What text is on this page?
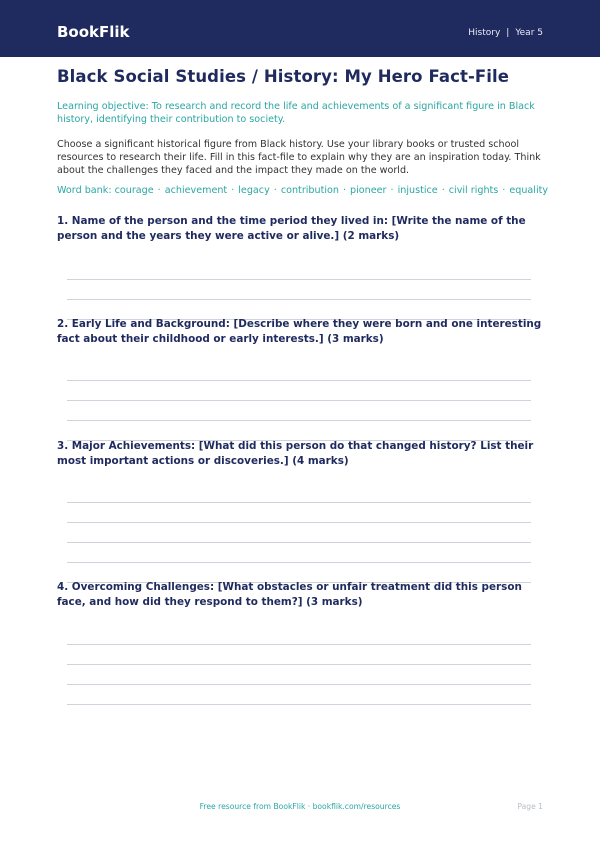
BookFlik	History | Year 5
Black Social Studies / History: My Hero Fact-File

Learning objective: To research and record the life and achievements of a significant figure in Black history, identifying their contribution to society.

Choose a significant historical figure from Black history. Use your library books or trusted school resources to research their life. Fill in this fact-file to explain why they are an inspiration today. Think about the challenges they faced and the impact they made on the world.

Word bank: courage · achievement · legacy · contribution · pioneer · injustice · civil rights · equality

1. Name of the person and the time period they lived in: [Write the name of the person and the years they were active or alive.] (2 marks)

2. Early Life and Background: [Describe where they were born and one interesting fact about their childhood or early interests.] (3 marks)

3. Major Achievements: [What did this person do that changed history? List their most important actions or discoveries.] (4 marks)

4. Overcoming Challenges: [What obstacles or unfair treatment did this person face, and how did they respond to them?] (3 marks)

Free resource from BookFlik · bookflik.com/resources	Page 1
